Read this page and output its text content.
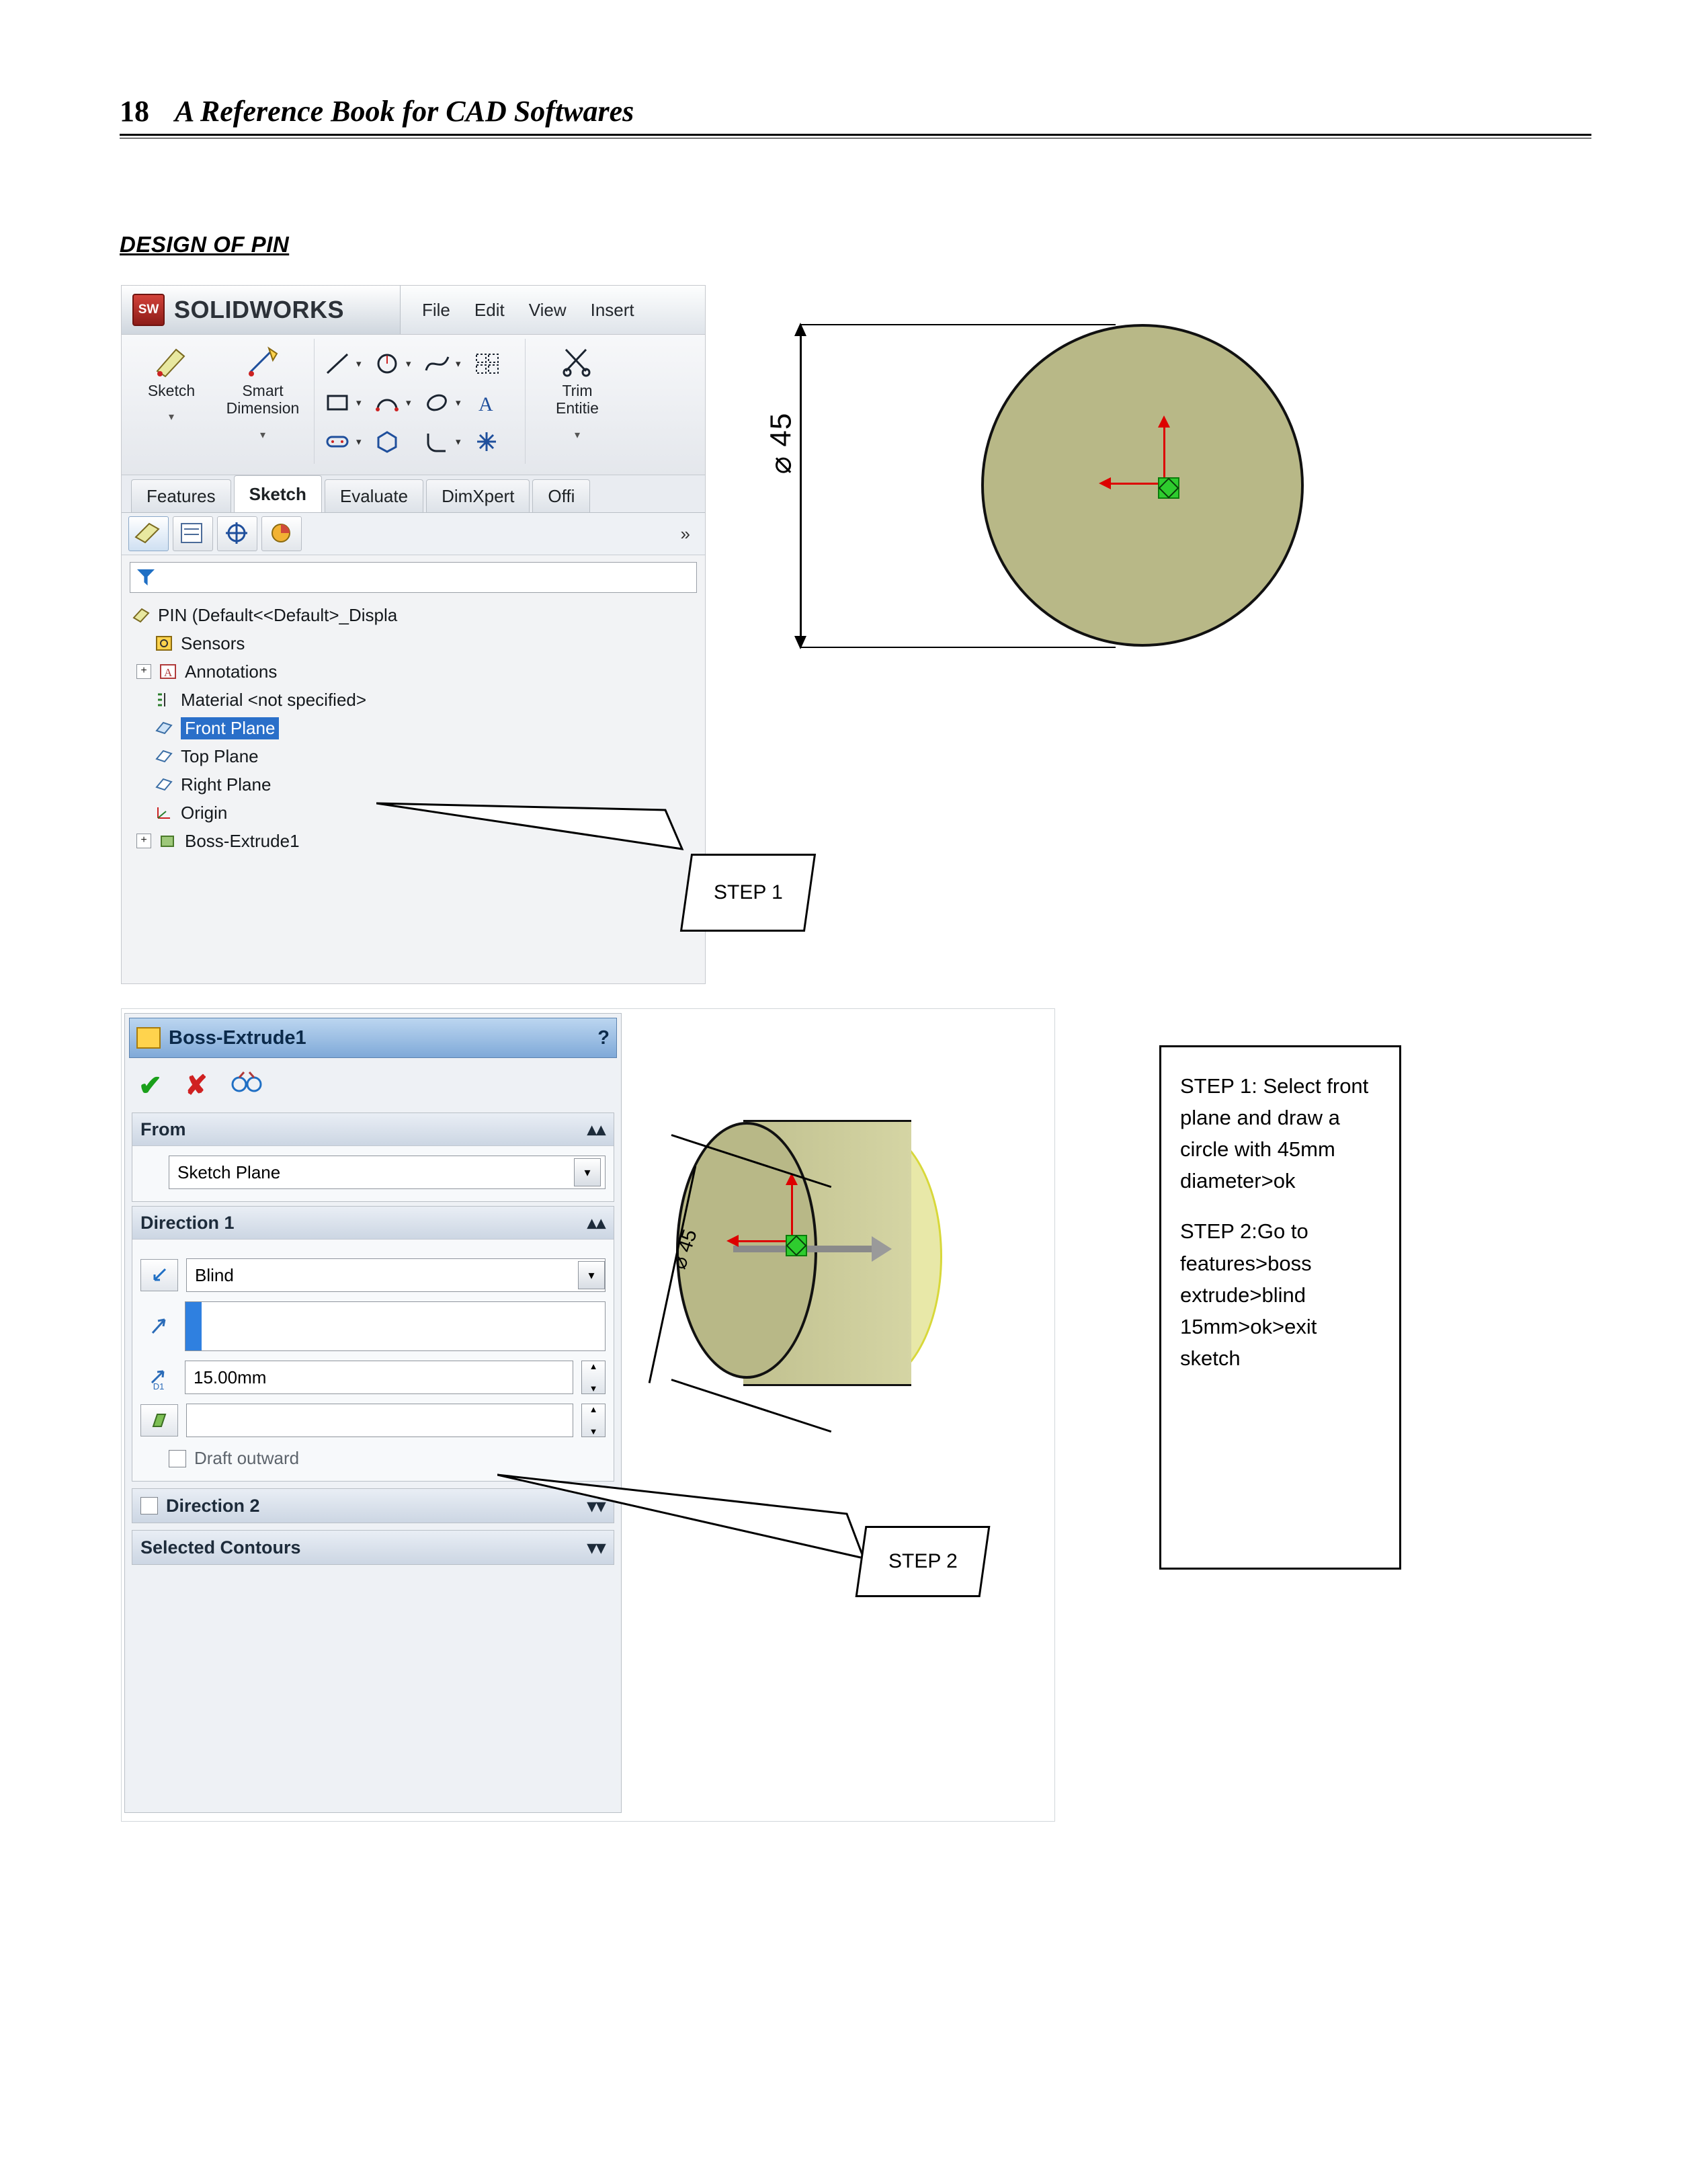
18 A Reference Book for CAD Softwares
DESIGN OF PIN
SW SOLIDWORKS	File Edit View Insert
Sketch
▾
Smart
Dimension
▾
▾	▾	▾
▾	▾	▾ A
▾	▾
Trim
Entitie
▾
Features	Sketch	Evaluate	DimXpert	Offi
»
PIN (Default<<Default>_Displa
Sensors
+	A Annotations
Material <not specified>
Front Plane
Top Plane
Right Plane
Origin
+ Boss-Extrude1
⌀ 45
STEP 1
Boss-Extrude1	?
✔ ✘
From	▴▴
Sketch Plane	▾
Direction 1	▴▴
Blind	▾
D1	15.00mm
▲
▼
▲
▼
Draft outward
Direction 2	▾▾
Selected Contours	▾▾
⌀ 45
STEP 2

STEP 1: Select front plane and draw a circle with 45mm diameter>ok

STEP 2:Go to features>boss extrude>blind 15mm>ok>exit sketch
